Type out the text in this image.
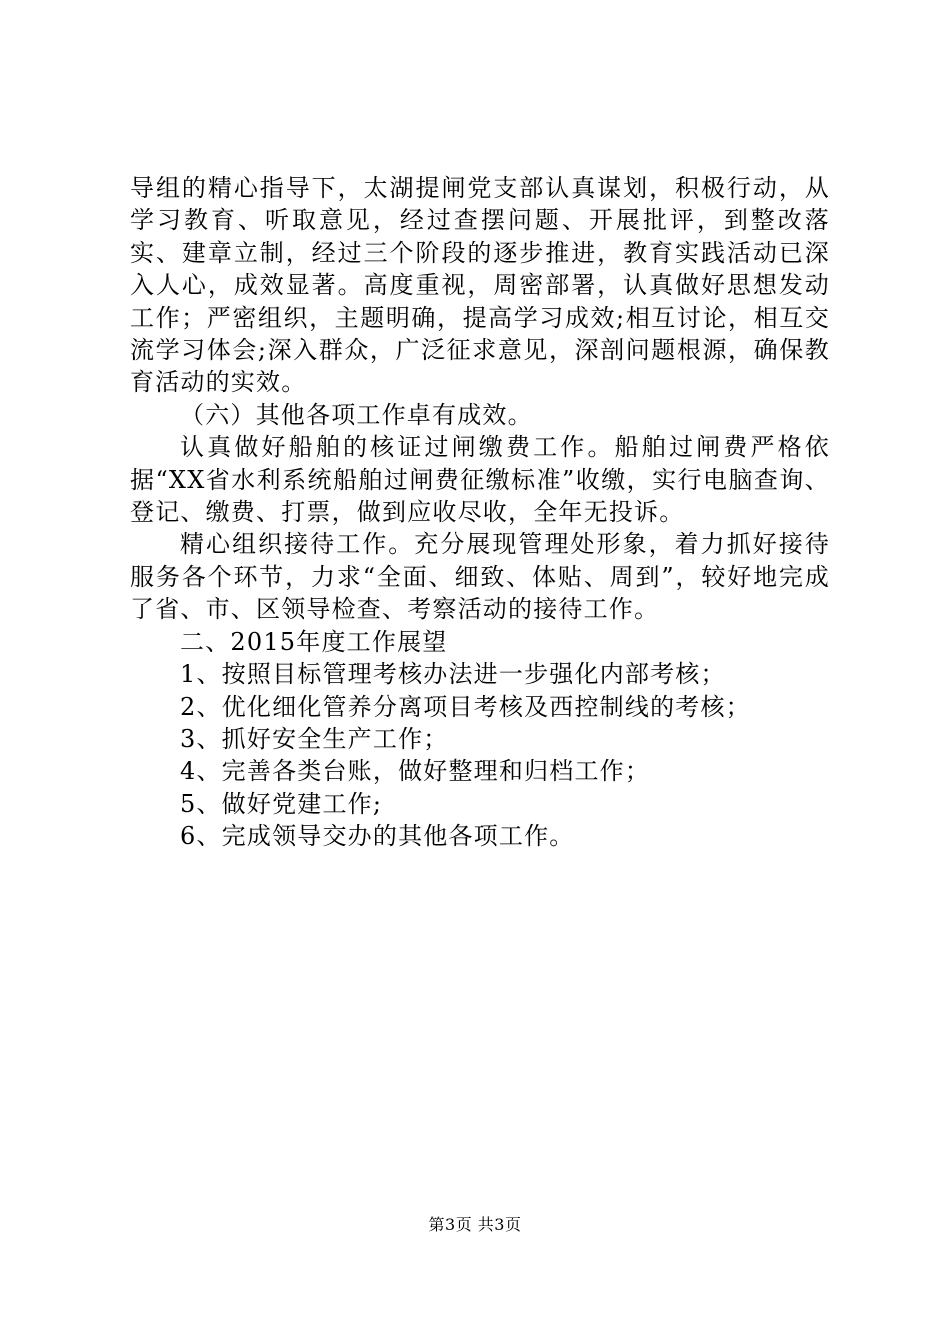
导组的精心指导下，太湖提闸党支部认真谋划，积极行动，从学习教育、听取意见，经过查摆问题、开展批评，到整改落实、建章立制，经过三个阶段的逐步推进，教育实践活动已深入人心，成效显著。高度重视，周密部署，认真做好思想发动工作；严密组织，主题明确，提高学习成效;相互讨论，相互交流学习体会;深入群众，广泛征求意见，深剖问题根源，确保教育活动的实效。

（六）其他各项工作卓有成效。

认真做好船舶的核证过闸缴费工作。船舶过闸费严格依据“XX省水利系统船舶过闸费征缴标准”收缴，实行电脑查询、登记、缴费、打票，做到应收尽收，全年无投诉。

精心组织接待工作。充分展现管理处形象，着力抓好接待服务各个环节，力求“全面、细致、体贴、周到”，较好地完成了省、市、区领导检查、考察活动的接待工作。

二、2015年度工作展望

1、按照目标管理考核办法进一步强化内部考核；

2、优化细化管养分离项目考核及西控制线的考核；

3、抓好安全生产工作；

4、完善各类台账，做好整理和归档工作；

5、做好党建工作;

6、完成领导交办的其他各项工作。

第3页 共3页
